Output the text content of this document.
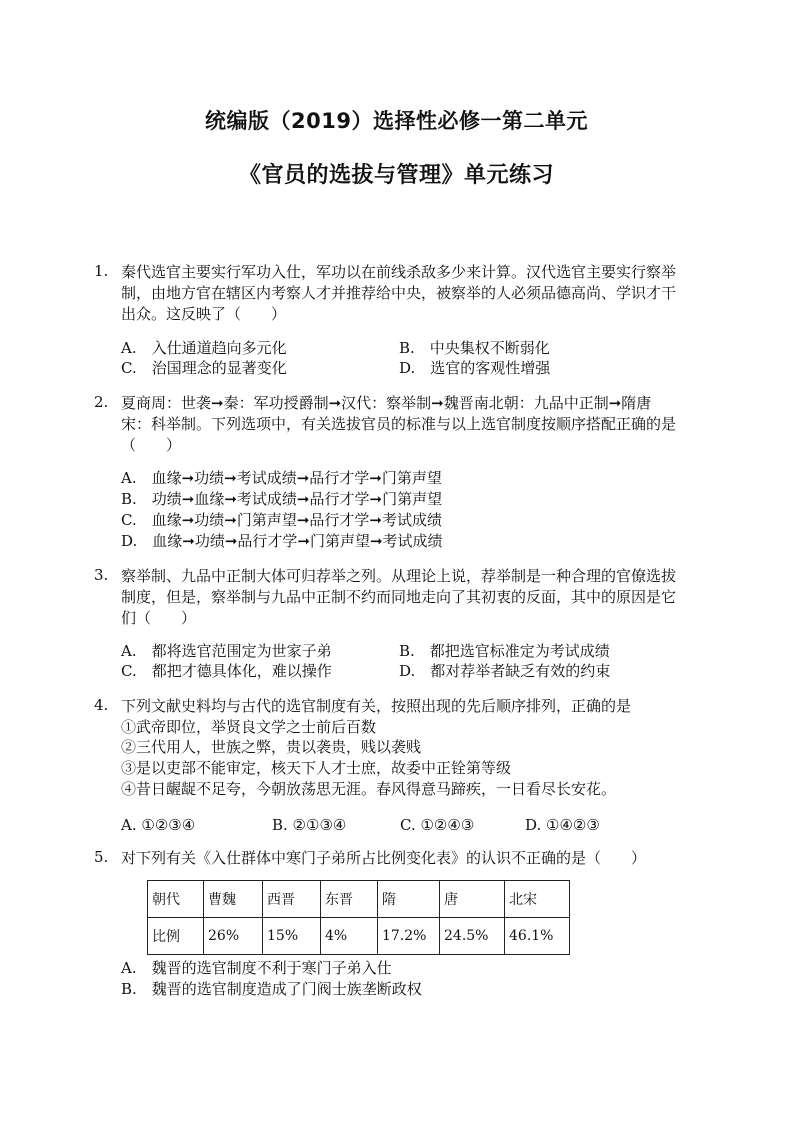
统编版（2019）选择性必修一第二单元
《官员的选拔与管理》单元练习
1. 秦代选官主要实行军功入仕，军功以在前线杀敌多少来计算。汉代选官主要实行察举制，由地方官在辖区内考察人才并推荐给中央，被察举的人必须品德高尚、学识才干出众。这反映了（　　）
A.　入仕通道趋向多元化	B.　中央集权不断弱化
C.　治国理念的显著变化	D.　选官的客观性增强
2. 夏商周：世袭➞秦：军功授爵制➞汉代：察举制➞魏晋南北朝：九品中正制➞隋唐宋：科举制。下列选项中，有关选拔官员的标准与以上选官制度按顺序搭配正确的是（　　）
A.　血缘➞功绩➞考试成绩➞品行才学➞门第声望
B.　功绩➞血缘➞考试成绩➞品行才学➞门第声望
C.　血缘➞功绩➞门第声望➞品行才学➞考试成绩
D.　血缘➞功绩➞品行才学➞门第声望➞考试成绩
3. 察举制、九品中正制大体可归荐举之列。从理论上说，荐举制是一种合理的官僚选拔制度，但是，察举制与九品中正制不约而同地走向了其初衷的反面，其中的原因是它们（　　）
A.　都将选官范围定为世家子弟	B.　都把选官标准定为考试成绩
C.　都把才德具体化，难以操作	D.　都对荐举者缺乏有效的约束
4. 下列文献史料均与古代的选官制度有关，按照出现的先后顺序排列，正确的是
①武帝即位，举贤良文学之士前后百数
②三代用人，世族之弊，贵以袭贵，贱以袭贱
③是以吏部不能审定，核天下人才士庶，故委中正铨第等级
④昔日龌龊不足夸，今朝放荡思无涯。春风得意马蹄疾，一日看尽长安花。
A. ①②③④	B. ②①③④	C. ①②④③	D. ①④②③
5. 对下列有关《入仕群体中寒门子弟所占比例变化表》的认识不正确的是（　　）
朝代	曹魏	西晋	东晋	隋	唐	北宋
比例	26%	15%	4%	17.2%	24.5%	46.1%
A.　魏晋的选官制度不利于寒门子弟入仕
B.　魏晋的选官制度造成了门阀士族垄断政权
